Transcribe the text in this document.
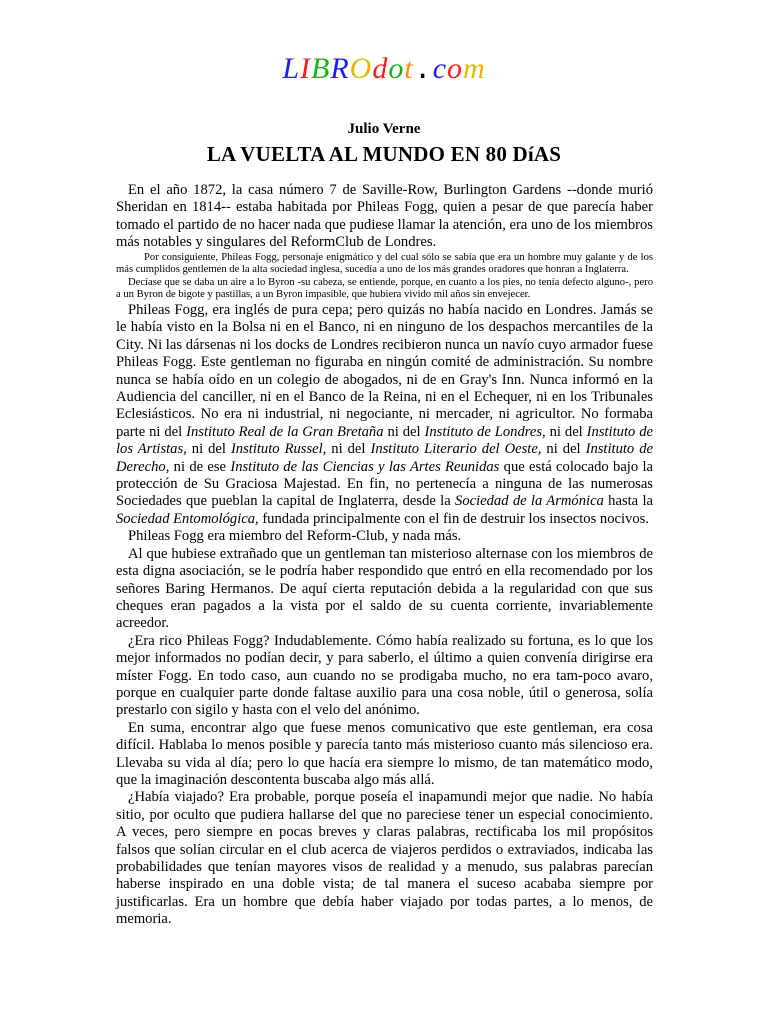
LIBROdot.com
Julio Verne
LA VUELTA AL MUNDO EN 80 DíAS

En el año 1872, la casa número 7 de Saville-Row, Burlington Gardens --donde murió Sheridan en 1814-- estaba habitada por Phileas Fogg, quien a pesar de que parecía haber tomado el partido de no hacer nada que pudiese llamar la atención, era uno de los miembros más notables y singulares del ReformClub de Londres.

Por consiguiente, Phileas Fogg, personaje enigmático y del cual sólo se sabía que era un hombre muy galante y de los más cumplidos gentlemen de la alta sociedad inglesa, sucedía a uno de los más grandes oradores que honran a Inglaterra.

Decíase que se daba un aire a lo Byron -su cabeza, se entiende, porque, en cuanto a los pies, no tenía defecto alguno-, pero a un Byron de bigote y pastillas, a un Byron impasible, que hubiera vivido mil años sin envejecer.

Phileas Fogg, era inglés de pura cepa; pero quizás no había nacido en Londres. Jamás se le había visto en la Bolsa ni en el Banco, ni en ninguno de los despachos mercantiles de la City. Ni las dársenas ni los docks de Londres recibieron nunca un navío cuyo armador fuese Phileas Fogg. Este gentleman no figuraba en ningún comité de administración. Su nombre nunca se había oído en un colegio de abogados, ni de en Gray's Inn. Nunca informó en la Audiencia del canciller, ni en el Banco de la Reina, ni en el Echequer, ni en los Tribunales Eclesiásticos. No era ni industrial, ni negociante, ni mercader, ni agricultor. No formaba parte ni del Instituto Real de la Gran Bretaña ni del Instituto de Londres, ni del Instituto de los Artistas, ni del Instituto Russel, ni del Instituto Literario del Oeste, ni del Instituto de Derecho, ni de ese Instituto de las Ciencias y las Artes Reunidas que está colocado bajo la protección de Su Graciosa Majestad. En fin, no pertenecía a ninguna de las numerosas Sociedades que pueblan la capital de Inglaterra, desde la Sociedad de la Armónica hasta la Sociedad Entomológica, fundada principalmente con el fin de destruir los insectos nocivos.

Phileas Fogg era miembro del Reform-Club, y nada más.

Al que hubiese extrañado que un gentleman tan misterioso alternase con los miembros de esta digna asociación, se le podría haber respondido que entró en ella recomendado por los señores Baring Hermanos. De aquí cierta reputación debida a la regularidad con que sus cheques eran pagados a la vista por el saldo de su cuenta corriente, invariablemente acreedor.

¿Era rico Phileas Fogg? Indudablemente. Cómo había realizado su fortuna, es lo que los mejor informados no podían decir, y para saberlo, el último a quien convenía dirigirse era míster Fogg. En todo caso, aun cuando no se prodigaba mucho, no era tam-poco avaro, porque en cualquier parte donde faltase auxilio para una cosa noble, útil o generosa, solía prestarlo con sigilo y hasta con el velo del anónimo.

En suma, encontrar algo que fuese menos comunicativo que este gentleman, era cosa difícil. Hablaba lo menos posible y parecía tanto más misterioso cuanto más silencioso era. Llevaba su vida al día; pero lo que hacía era siempre lo mismo, de tan matemático modo, que la imaginación descontenta buscaba algo más allá.

¿Había viajado? Era probable, porque poseía el inapamundi mejor que nadie. No había sitio, por oculto que pudiera hallarse del que no pareciese tener un especial conocimiento. A veces, pero siempre en pocas breves y claras palabras, rectificaba los mil propósitos falsos que solían circular en el club acerca de viajeros perdidos o extraviados, indicaba las probabilidades que tenían mayores visos de realidad y a menudo, sus palabras parecían haberse inspirado en una doble vista; de tal manera el suceso acababa siempre por justificarlas. Era un hombre que debía haber viajado por todas partes, a lo menos, de memoria.
